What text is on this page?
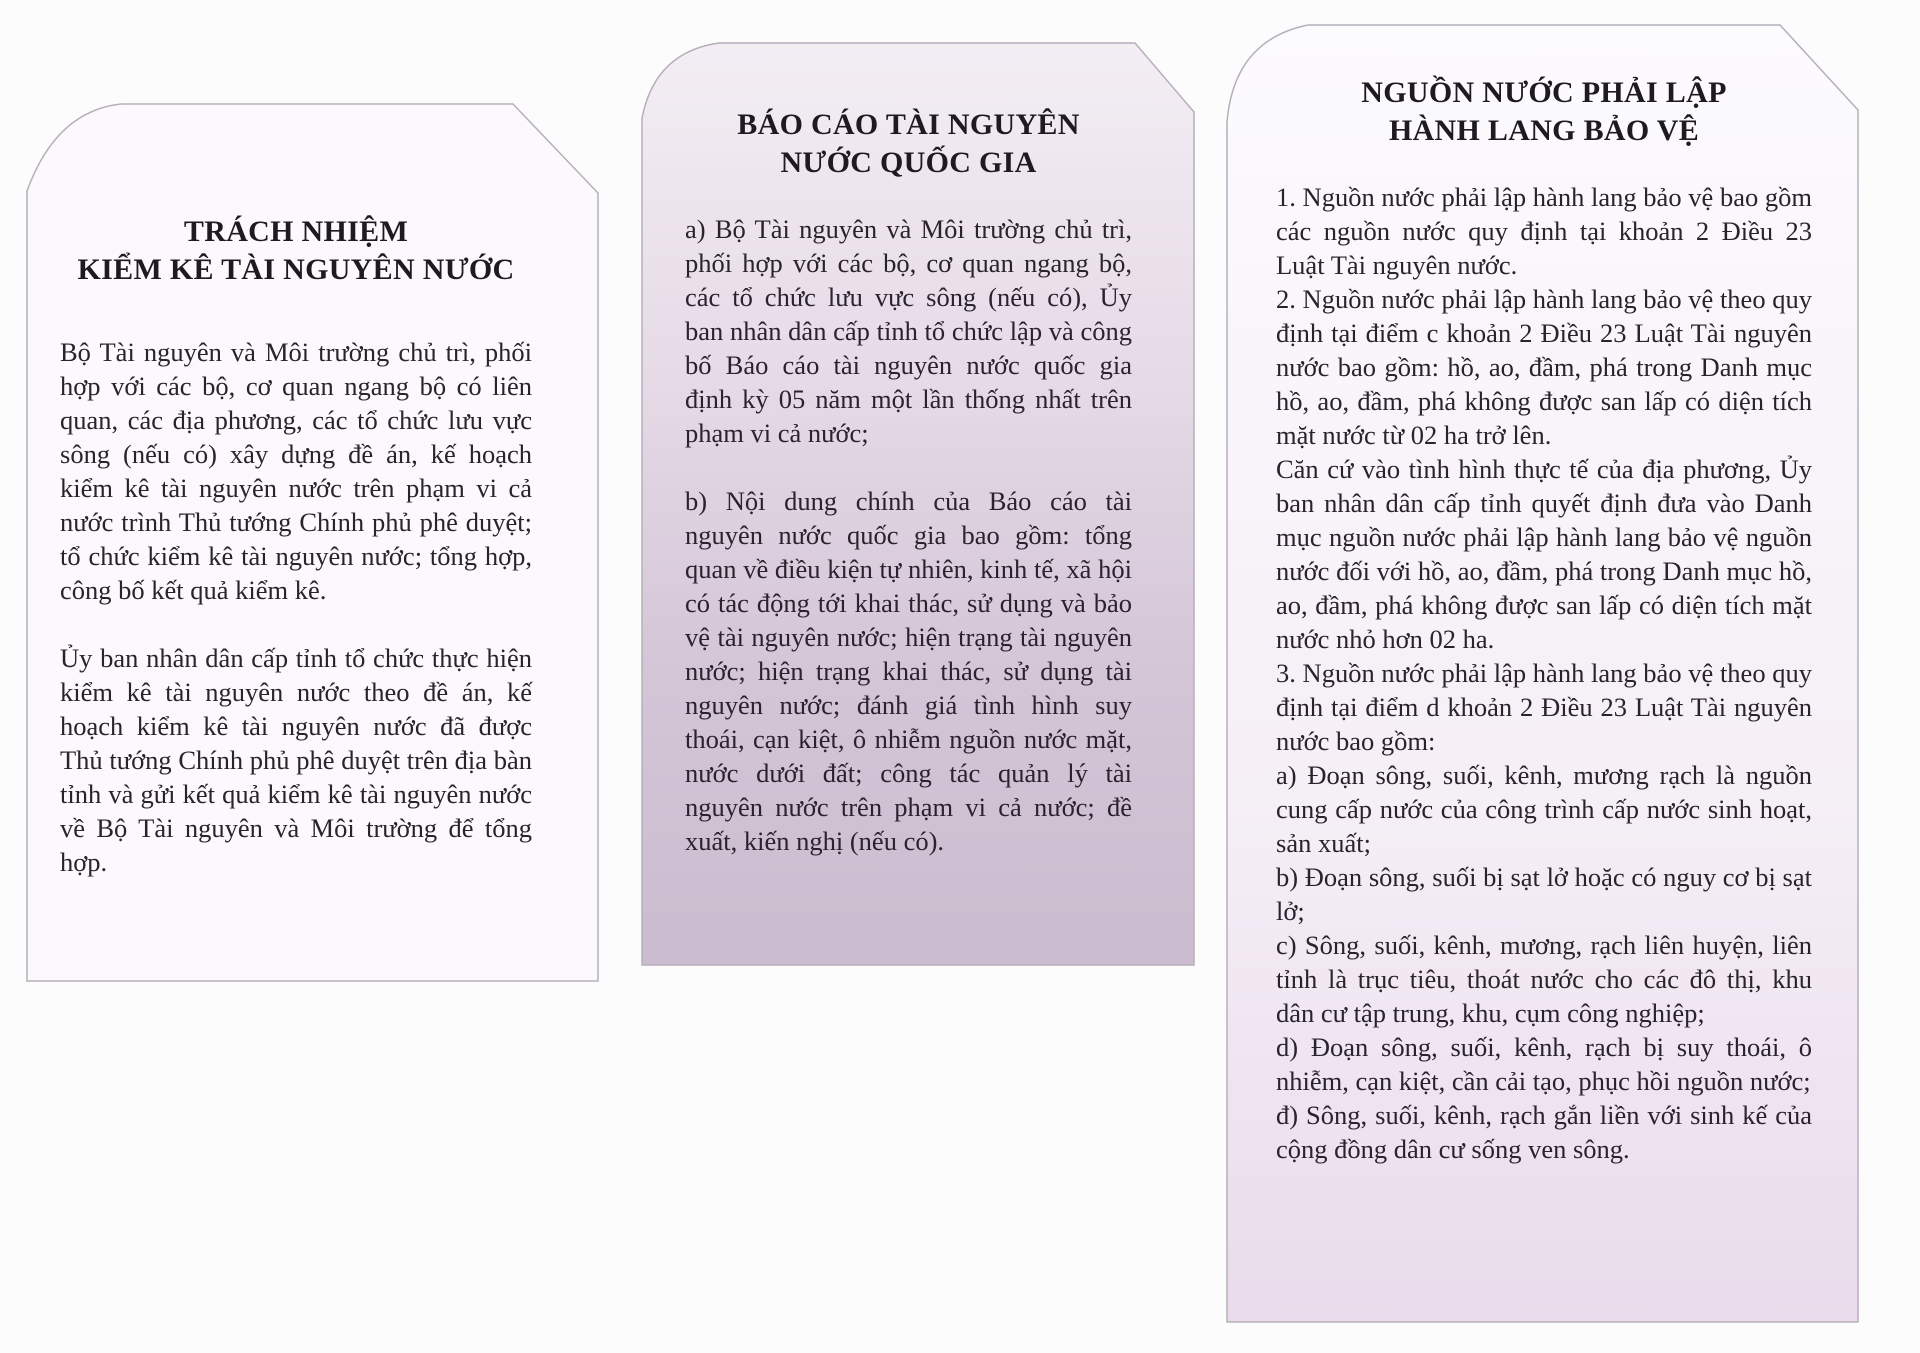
TRÁCH NHIỆM
KIỂM KÊ TÀI NGUYÊN NƯỚC

Bộ Tài nguyên và Môi trường chủ trì, phối hợp với các bộ, cơ quan ngang bộ có liên quan, các địa phương, các tổ chức lưu vực sông (nếu có) xây dựng đề án, kế hoạch kiểm kê tài nguyên nước trên phạm vi cả nước trình Thủ tướng Chính phủ phê duyệt; tổ chức kiểm kê tài nguyên nước; tổng hợp, công bố kết quả kiểm kê.

Ủy ban nhân dân cấp tỉnh tổ chức thực hiện kiểm kê tài nguyên nước theo đề án, kế hoạch kiểm kê tài nguyên nước đã được Thủ tướng Chính phủ phê duyệt trên địa bàn tỉnh và gửi kết quả kiểm kê tài nguyên nước về Bộ Tài nguyên và Môi trường để tổng hợp.

BÁO CÁO TÀI NGUYÊN
NƯỚC QUỐC GIA

a) Bộ Tài nguyên và Môi trường chủ trì, phối hợp với các bộ, cơ quan ngang bộ, các tổ chức lưu vực sông (nếu có), Ủy ban nhân dân cấp tỉnh tổ chức lập và công bố Báo cáo tài nguyên nước quốc gia định kỳ 05 năm một lần thống nhất trên phạm vi cả nước;

b) Nội dung chính của Báo cáo tài nguyên nước quốc gia bao gồm: tổng quan về điều kiện tự nhiên, kinh tế, xã hội có tác động tới khai thác, sử dụng và bảo vệ tài nguyên nước; hiện trạng tài nguyên nước; hiện trạng khai thác, sử dụng tài nguyên nước; đánh giá tình hình suy thoái, cạn kiệt, ô nhiễm nguồn nước mặt, nước dưới đất; công tác quản lý tài nguyên nước trên phạm vi cả nước; đề xuất, kiến nghị (nếu có).

NGUỒN NƯỚC PHẢI LẬP
HÀNH LANG BẢO VỆ

1. Nguồn nước phải lập hành lang bảo vệ bao gồm các nguồn nước quy định tại khoản 2 Điều 23 Luật Tài nguyên nước.

2. Nguồn nước phải lập hành lang bảo vệ theo quy định tại điểm c khoản 2 Điều 23 Luật Tài nguyên nước bao gồm: hồ, ao, đầm, phá trong Danh mục hồ, ao, đầm, phá không được san lấp có diện tích mặt nước từ 02 ha trở lên.

Căn cứ vào tình hình thực tế của địa phương, Ủy ban nhân dân cấp tỉnh quyết định đưa vào Danh mục nguồn nước phải lập hành lang bảo vệ nguồn nước đối với hồ, ao, đầm, phá trong Danh mục hồ, ao, đầm, phá không được san lấp có diện tích mặt nước nhỏ hơn 02 ha.

3. Nguồn nước phải lập hành lang bảo vệ theo quy định tại điểm d khoản 2 Điều 23 Luật Tài nguyên nước bao gồm:

a) Đoạn sông, suối, kênh, mương rạch là nguồn cung cấp nước của công trình cấp nước sinh hoạt, sản xuất;

b) Đoạn sông, suối bị sạt lở hoặc có nguy cơ bị sạt lở;

c) Sông, suối, kênh, mương, rạch liên huyện, liên tỉnh là trục tiêu, thoát nước cho các đô thị, khu dân cư tập trung, khu, cụm công nghiệp;

d) Đoạn sông, suối, kênh, rạch bị suy thoái, ô nhiễm, cạn kiệt, cần cải tạo, phục hồi nguồn nước;

đ) Sông, suối, kênh, rạch gắn liền với sinh kế của cộng đồng dân cư sống ven sông.
